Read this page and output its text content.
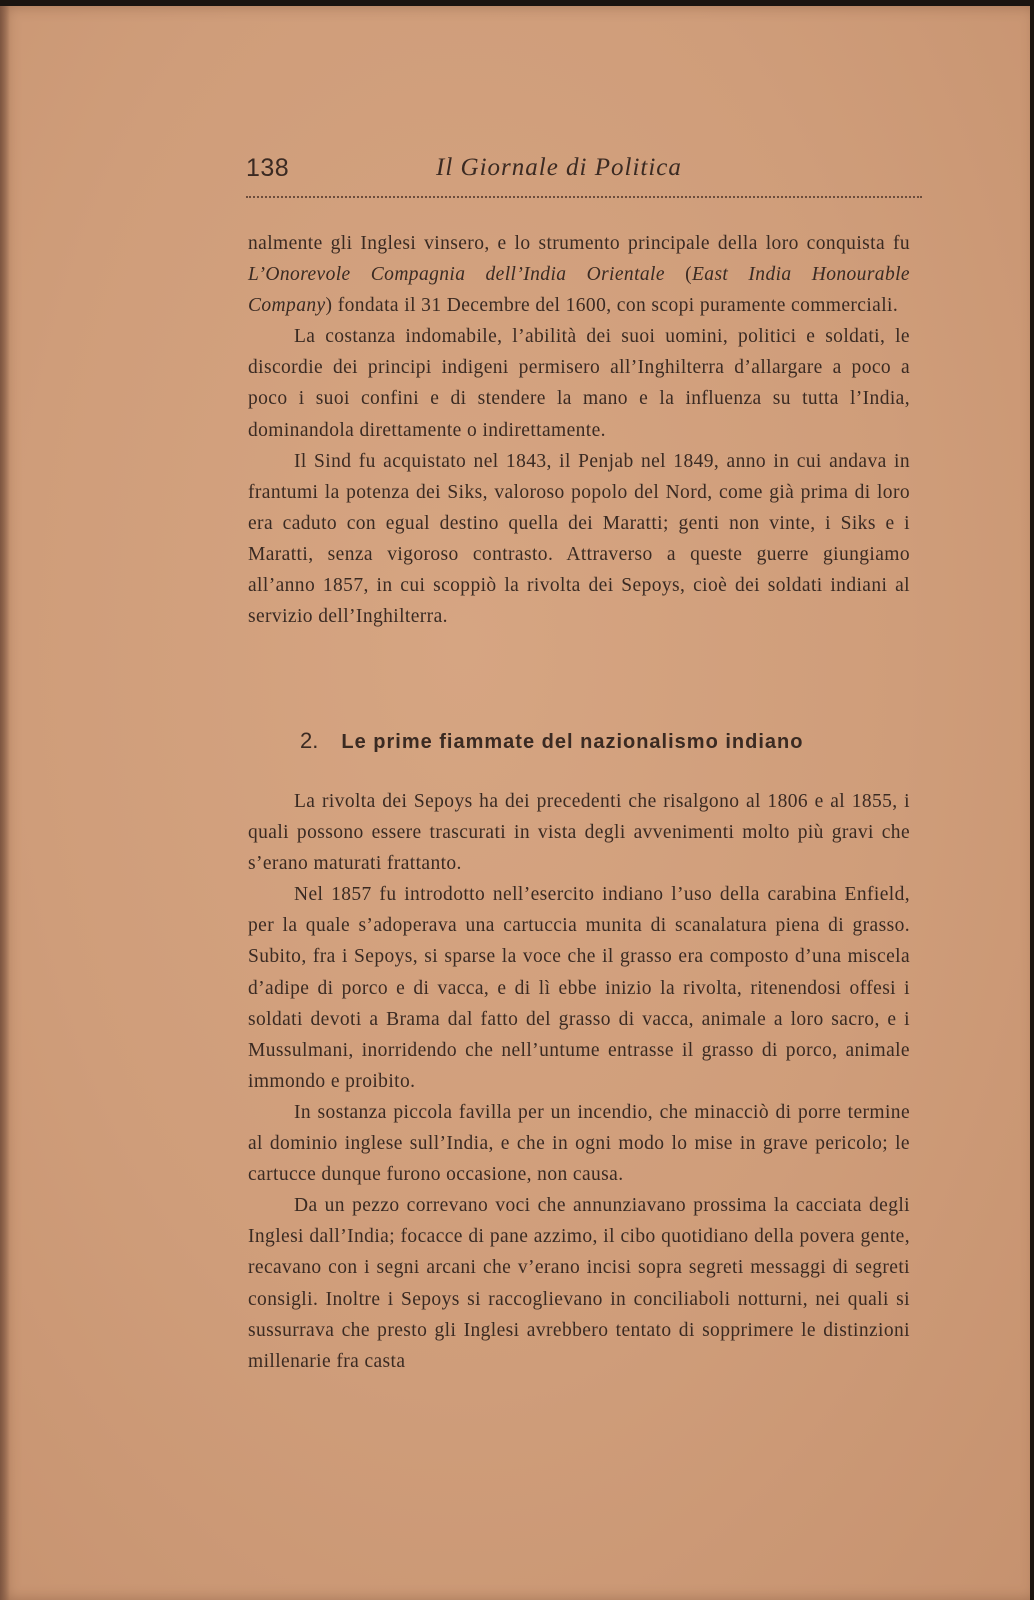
138	Il Giornale di Politica

nalmente gli Inglesi vinsero, e lo strumento principale della loro conquista fu L’Onorevole Compagnia dell’India Orientale (East India Honourable Company) fondata il 31 Decembre del 1600, con scopi puramente commerciali.

La costanza indomabile, l’abilità dei suoi uomini, politici e soldati, le discordie dei principi indigeni permisero all’Inghilterra d’allargare a poco a poco i suoi confini e di stendere la mano e la influenza su tutta l’India, dominandola direttamente o indirettamente.

Il Sind fu acquistato nel 1843, il Penjab nel 1849, anno in cui andava in frantumi la potenza dei Siks, valoroso popolo del Nord, come già prima di loro era caduto con egual destino quella dei Maratti; genti non vinte, i Siks e i Maratti, senza vigoroso contrasto. Attraverso a queste guerre giungiamo all’anno 1857, in cui scoppiò la rivolta dei Sepoys, cioè dei soldati indiani al servizio dell’Inghilterra.

2. Le prime fiammate del nazionalismo indiano

La rivolta dei Sepoys ha dei precedenti che risalgono al 1806 e al 1855, i quali possono essere trascurati in vista degli avvenimenti molto più gravi che s’erano maturati frattanto.

Nel 1857 fu introdotto nell’esercito indiano l’uso della carabina Enfield, per la quale s’adoperava una cartuccia munita di scanalatura piena di grasso. Subito, fra i Sepoys, si sparse la voce che il grasso era composto d’una miscela d’adipe di porco e di vacca, e di lì ebbe inizio la rivolta, ritenendosi offesi i soldati devoti a Brama dal fatto del grasso di vacca, animale a loro sacro, e i Mussulmani, inorridendo che nell’untume entrasse il grasso di porco, animale immondo e proibito.

In sostanza piccola favilla per un incendio, che minacciò di porre termine al dominio inglese sull’India, e che in ogni modo lo mise in grave pericolo; le cartucce dunque furono occasione, non causa.

Da un pezzo correvano voci che annunziavano prossima la cacciata degli Inglesi dall’India; focacce di pane azzimo, il cibo quotidiano della povera gente, recavano con i segni arcani che v’erano incisi sopra segreti messaggi di segreti consigli. Inoltre i Sepoys si raccoglievano in conciliaboli notturni, nei quali si sussurrava che presto gli Inglesi avrebbero tentato di sopprimere le distinzioni millenarie fra casta
